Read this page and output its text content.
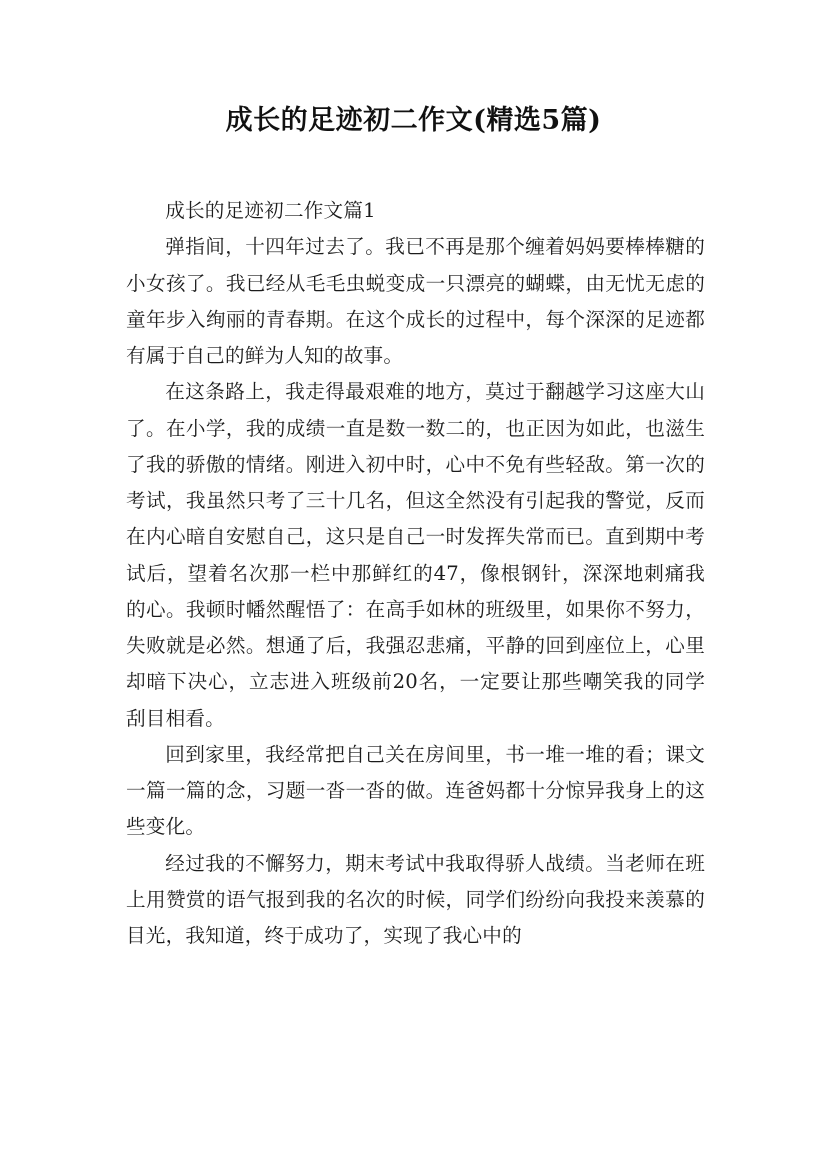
成长的足迹初二作文(精选5篇)

成长的足迹初二作文篇1

弹指间，十四年过去了。我已不再是那个缠着妈妈要棒棒糖的小女孩了。我已经从毛毛虫蜕变成一只漂亮的蝴蝶，由无忧无虑的童年步入绚丽的青春期。在这个成长的过程中，每个深深的足迹都有属于自己的鲜为人知的故事。

在这条路上，我走得最艰难的地方，莫过于翻越学习这座大山了。在小学，我的成绩一直是数一数二的，也正因为如此，也滋生了我的骄傲的情绪。刚进入初中时，心中不免有些轻敌。第一次的考试，我虽然只考了三十几名，但这全然没有引起我的警觉，反而在内心暗自安慰自己，这只是自己一时发挥失常而已。直到期中考试后，望着名次那一栏中那鲜红的47，像根钢针，深深地刺痛我的心。我顿时幡然醒悟了：在高手如林的班级里，如果你不努力，失败就是必然。想通了后，我强忍悲痛，平静的回到座位上，心里却暗下决心，立志进入班级前20名，一定要让那些嘲笑我的同学刮目相看。

回到家里，我经常把自己关在房间里，书一堆一堆的看；课文一篇一篇的念，习题一沓一沓的做。连爸妈都十分惊异我身上的这些变化。

经过我的不懈努力，期末考试中我取得骄人战绩。当老师在班上用赞赏的语气报到我的名次的时候，同学们纷纷向我投来羡慕的目光，我知道，终于成功了，实现了我心中的
